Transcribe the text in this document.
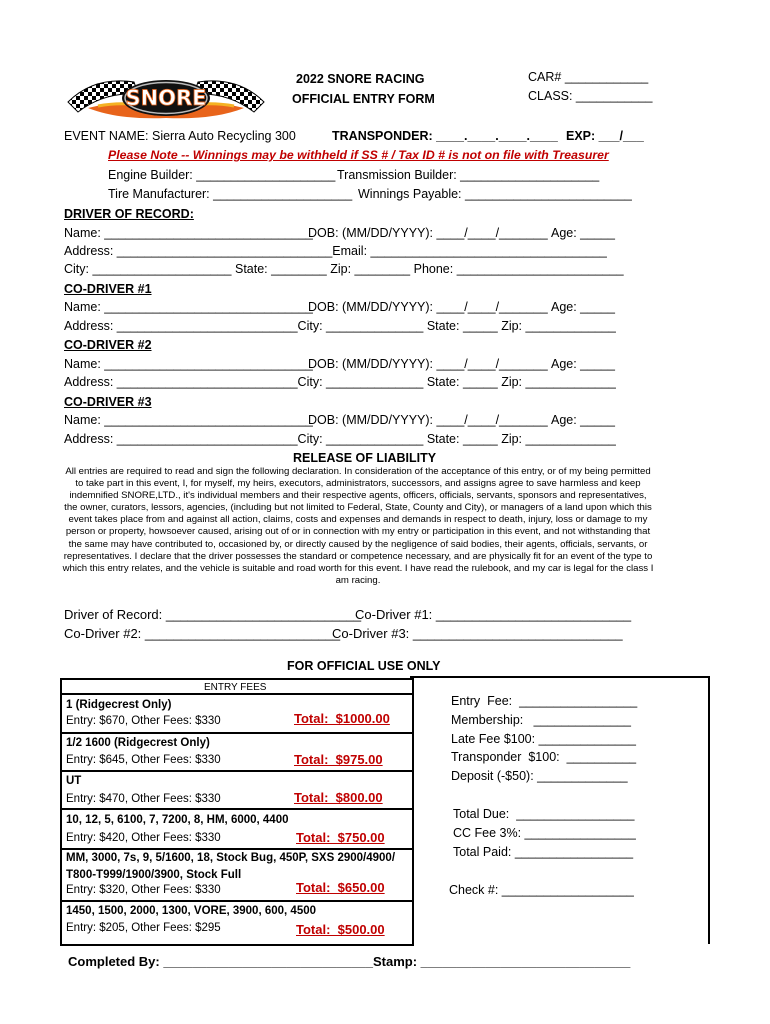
SNORE
2022 SNORE RACING
OFFICIAL ENTRY FORM
CAR# ____________
CLASS: ___________
EVENT NAME: Sierra Auto Recycling 300	TRANSPONDER: ____.____.____.____ EXP: ___/___
Please Note -- Winnings may be withheld if SS # / Tax ID # is not on file with Treasurer
Engine Builder: ____________________ Transmission Builder: ____________________
Tire Manufacturer: ____________________ Winnings Payable: ________________________
DRIVER OF RECORD:
Name: ______________________________
DOB: (MM/DD/YYYY): ____/____/_______ Age: _____
Address: _______________________________Email: __________________________________
City: ____________________ State: ________ Zip: ________ Phone: ________________________
CO-DRIVER #1
Name: ______________________________
DOB: (MM/DD/YYYY): ____/____/_______ Age: _____
Address: __________________________City: ______________ State: _____ Zip: _____________
CO-DRIVER #2
Name: ______________________________
DOB: (MM/DD/YYYY): ____/____/_______ Age: _____
Address: __________________________City: ______________ State: _____ Zip: _____________
CO-DRIVER #3
Name: ______________________________
DOB: (MM/DD/YYYY): ____/____/_______ Age: _____
Address: __________________________City: ______________ State: _____ Zip: _____________
RELEASE OF LIABILITY
All entries are required to read and sign the following declaration. In consideration of the acceptance of this entry, or of my being permitted to take part in this event, I, for myself, my heirs, executors, administrators, successors, and assigns agree to save harmless and keep indemnified SNORE,LTD., it's individual members and their respective agents, officers, officials, servants, sponsors and representatives, the owner, curators, lessors, agencies, (including but not limited to Federal, State, County and City), or managers of a land upon which this event takes place from and against all action, claims, costs and expenses and demands in respect to death, injury, loss or damage to my person or property, howsoever caused, arising out of or in connection with my entry or participation in this event, and not withstanding that the same may have contributed to, occasioned by, or directly caused by the negligence of said bodies, their agents, officials, servants, or representatives. I declare that the driver possesses the standard or competence necessary, and are physically fit for an event of the type to which this entry relates, and the vehicle is suitable and road worth for this event. I have read the rulebook, and my car is legal for the class I am racing.
Driver of Record: ___________________________
Co-Driver #1: ___________________________
Co-Driver #2: ___________________________
Co-Driver #3: _____________________________
FOR OFFICIAL USE ONLY
ENTRY FEES
1 (Ridgecrest Only)
Entry: $670, Other Fees: $330	Total:  $1000.00
1/2 1600 (Ridgecrest Only)
Entry: $645, Other Fees: $330	Total:  $975.00
UT
Entry: $470, Other Fees: $330	Total:  $800.00
10, 12, 5, 6100, 7, 7200, 8, HM, 6000, 4400
Entry: $420, Other Fees: $330	Total:  $750.00
MM, 3000, 7s, 9, 5/1600, 18, Stock Bug, 450P, SXS 2900/4900/
T800-T999/1900/3900, Stock Full
Entry: $320, Other Fees: $330	Total:  $650.00
1450, 1500, 2000, 1300, VORE, 3900, 600, 4500
Entry: $205, Other Fees: $295	Total:  $500.00
Entry  Fee:  _________________
Membership:   ______________
Late Fee $100: ______________
Transponder  $100:  __________
Deposit (-$50): _____________
Total Due:  _________________
CC Fee 3%: ________________
Total Paid: _________________
Check #: ___________________
Completed By: _____________________________ Stamp: _____________________________
